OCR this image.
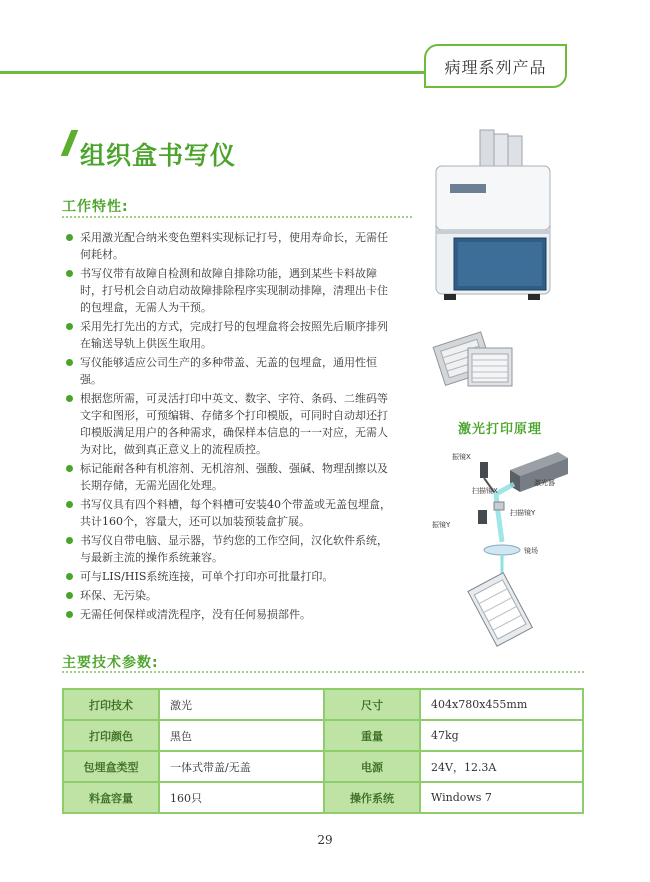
病理系列产品
组织盒书写仪
工作特性:
采用激光配合纳米变色塑料实现标记打号，使用寿命长，无需任何耗材。
书写仪带有故障自检测和故障自排除功能，遇到某些卡料故障时，打号机会自动启动故障排除程序实现制动排障，清理出卡住的包埋盒，无需人为干预。
采用先打先出的方式，完成打号的包埋盒将会按照先后顺序排列在输送导轨上供医生取用。
写仪能够适应公司生产的多种带盖、无盖的包埋盒，通用性恒强。
根据您所需，可灵活打印中英文、数字、字符、条码、二维码等文字和图形，可预编辑、存储多个打印模版，可同时自动却还打印模版满足用户的各种需求，确保样本信息的一一对应，无需人为对比，做到真正意义上的流程质控。
标记能耐各种有机溶剂、无机溶剂、强酸、强碱、物理刮擦以及长期存储，无需光固化处理。
书写仪具有四个料槽，每个料槽可安装40个带盖或无盖包埋盒，共计160个，容量大，还可以加装预装盒扩展。
书写仪自带电脑、显示器，节约您的工作空间，汉化软件系统，与最新主流的操作系统兼容。
可与LIS/HIS系统连接，可单个打印亦可批量打印。
环保、无污染。
无需任何保样或清洗程序，没有任何易损部件。
激光打印原理
振镜X
激光器
扫描镜X
扫描镜Y
振镜Y
镜场
主要技术参数:
打印技术	激光	尺寸	404x780x455mm
打印颜色	黑色	重量	47kg
包埋盒类型	一体式带盖/无盖	电源	24V，12.3A
料盒容量	160只	操作系统	Windows 7
29
